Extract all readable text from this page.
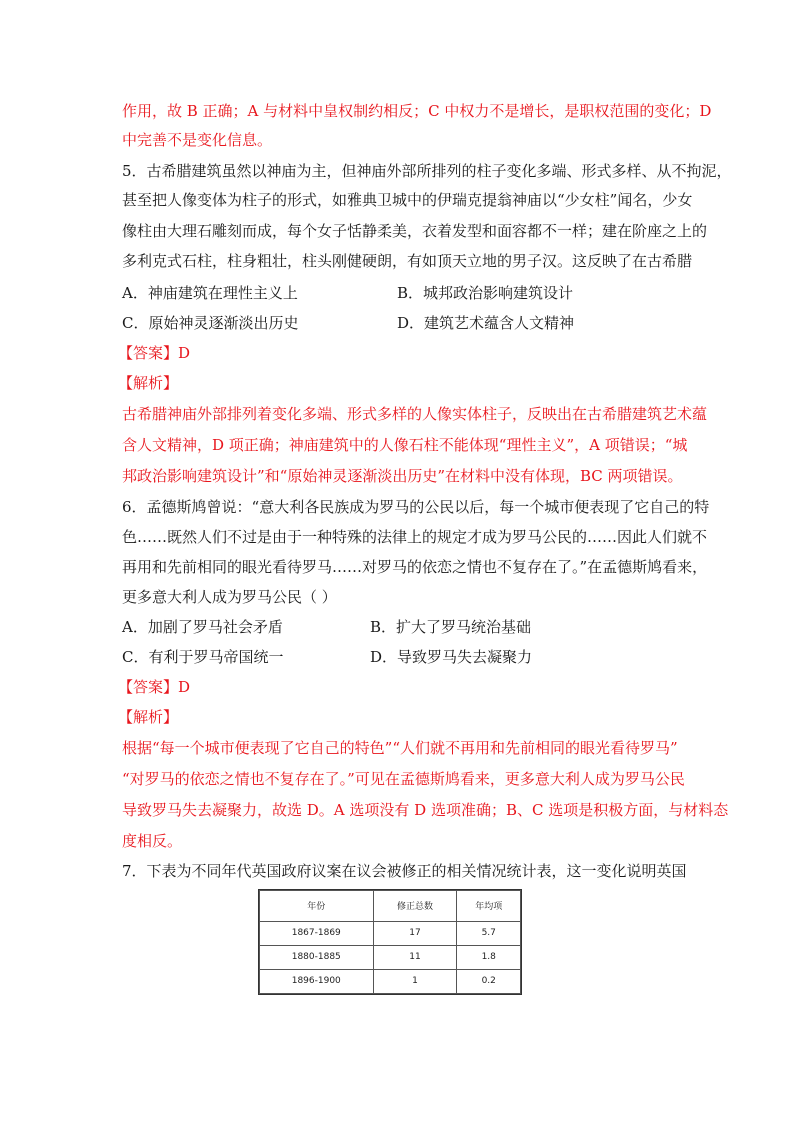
作用，故 B 正确；A 与材料中皇权制约相反；C 中权力不是增长，是职权范围的变化；D
中完善不是变化信息。
5．古希腊建筑虽然以神庙为主，但神庙外部所排列的柱子变化多端、形式多样、从不拘泥，
甚至把人像变体为柱子的形式，如雅典卫城中的伊瑞克提翁神庙以“少女柱”闻名，少女
像柱由大理石雕刻而成，每个女子恬静柔美，衣着发型和面容都不一样；建在阶座之上的
多利克式石柱，柱身粗壮，柱头刚健硬朗，有如顶天立地的男子汉。这反映了在古希腊
A．神庙建筑在理性主义上	B．城邦政治影响建筑设计
C．原始神灵逐渐淡出历史	D．建筑艺术蕴含人文精神
【答案】D
【解析】
古希腊神庙外部排列着变化多端、形式多样的人像实体柱子，反映出在古希腊建筑艺术蕴
含人文精神，D 项正确；神庙建筑中的人像石柱不能体现“理性主义”，A 项错误；“城
邦政治影响建筑设计”和“原始神灵逐渐淡出历史”在材料中没有体现，BC 两项错误。
6．孟德斯鸠曾说：“意大利各民族成为罗马的公民以后，每一个城市便表现了它自己的特
色……既然人们不过是由于一种特殊的法律上的规定才成为罗马公民的……因此人们就不
再用和先前相同的眼光看待罗马……对罗马的依恋之情也不复存在了。”在孟德斯鸠看来，
更多意大利人成为罗马公民（ ）
A．加剧了罗马社会矛盾	B．扩大了罗马统治基础
C．有利于罗马帝国统一	D．导致罗马失去凝聚力
【答案】D
【解析】
根据“每一个城市便表现了它自己的特色”“人们就不再用和先前相同的眼光看待罗马”
“对罗马的依恋之情也不复存在了。”可见在孟德斯鸠看来，更多意大利人成为罗马公民
导致罗马失去凝聚力，故选 D。A 选项没有 D 选项准确；B、C 选项是积极方面，与材料态
度相反。
7．下表为不同年代英国政府议案在议会被修正的相关情况统计表，这一变化说明英国
年份	修正总数	年均项
1867-1869	17	5.7
1880-1885	11	1.8
1896-1900	1	0.2
